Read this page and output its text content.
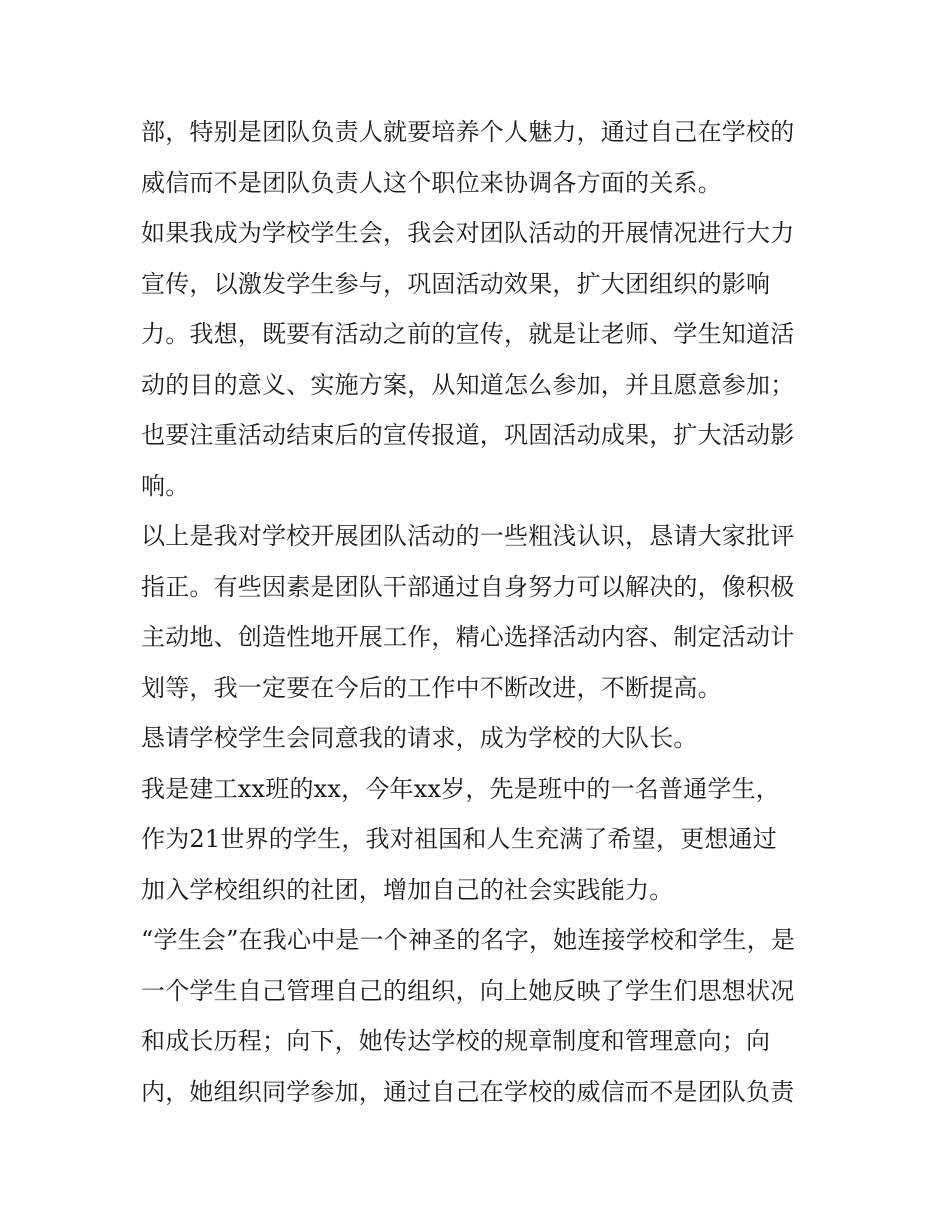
部，特别是团队负责人就要培养个人魅力，通过自己在学校的
威信而不是团队负责人这个职位来协调各方面的关系。
如果我成为学校学生会，我会对团队活动的开展情况进行大力
宣传，以激发学生参与，巩固活动效果，扩大团组织的影响
力。我想，既要有活动之前的宣传，就是让老师、学生知道活
动的目的意义、实施方案，从知道怎么参加，并且愿意参加；
也要注重活动结束后的宣传报道，巩固活动成果，扩大活动影
响。
以上是我对学校开展团队活动的一些粗浅认识，恳请大家批评
指正。有些因素是团队干部通过自身努力可以解决的，像积极
主动地、创造性地开展工作，精心选择活动内容、制定活动计
划等，我一定要在今后的工作中不断改进，不断提高。
恳请学校学生会同意我的请求，成为学校的大队长。
我是建工xx班的xx，今年xx岁，先是班中的一名普通学生，
作为21世界的学生，我对祖国和人生充满了希望，更想通过
加入学校组织的社团，增加自己的社会实践能力。
“学生会”在我心中是一个神圣的名字，她连接学校和学生，是
一个学生自己管理自己的组织，向上她反映了学生们思想状况
和成长历程；向下，她传达学校的规章制度和管理意向；向
内，她组织同学参加，通过自己在学校的威信而不是团队负责
